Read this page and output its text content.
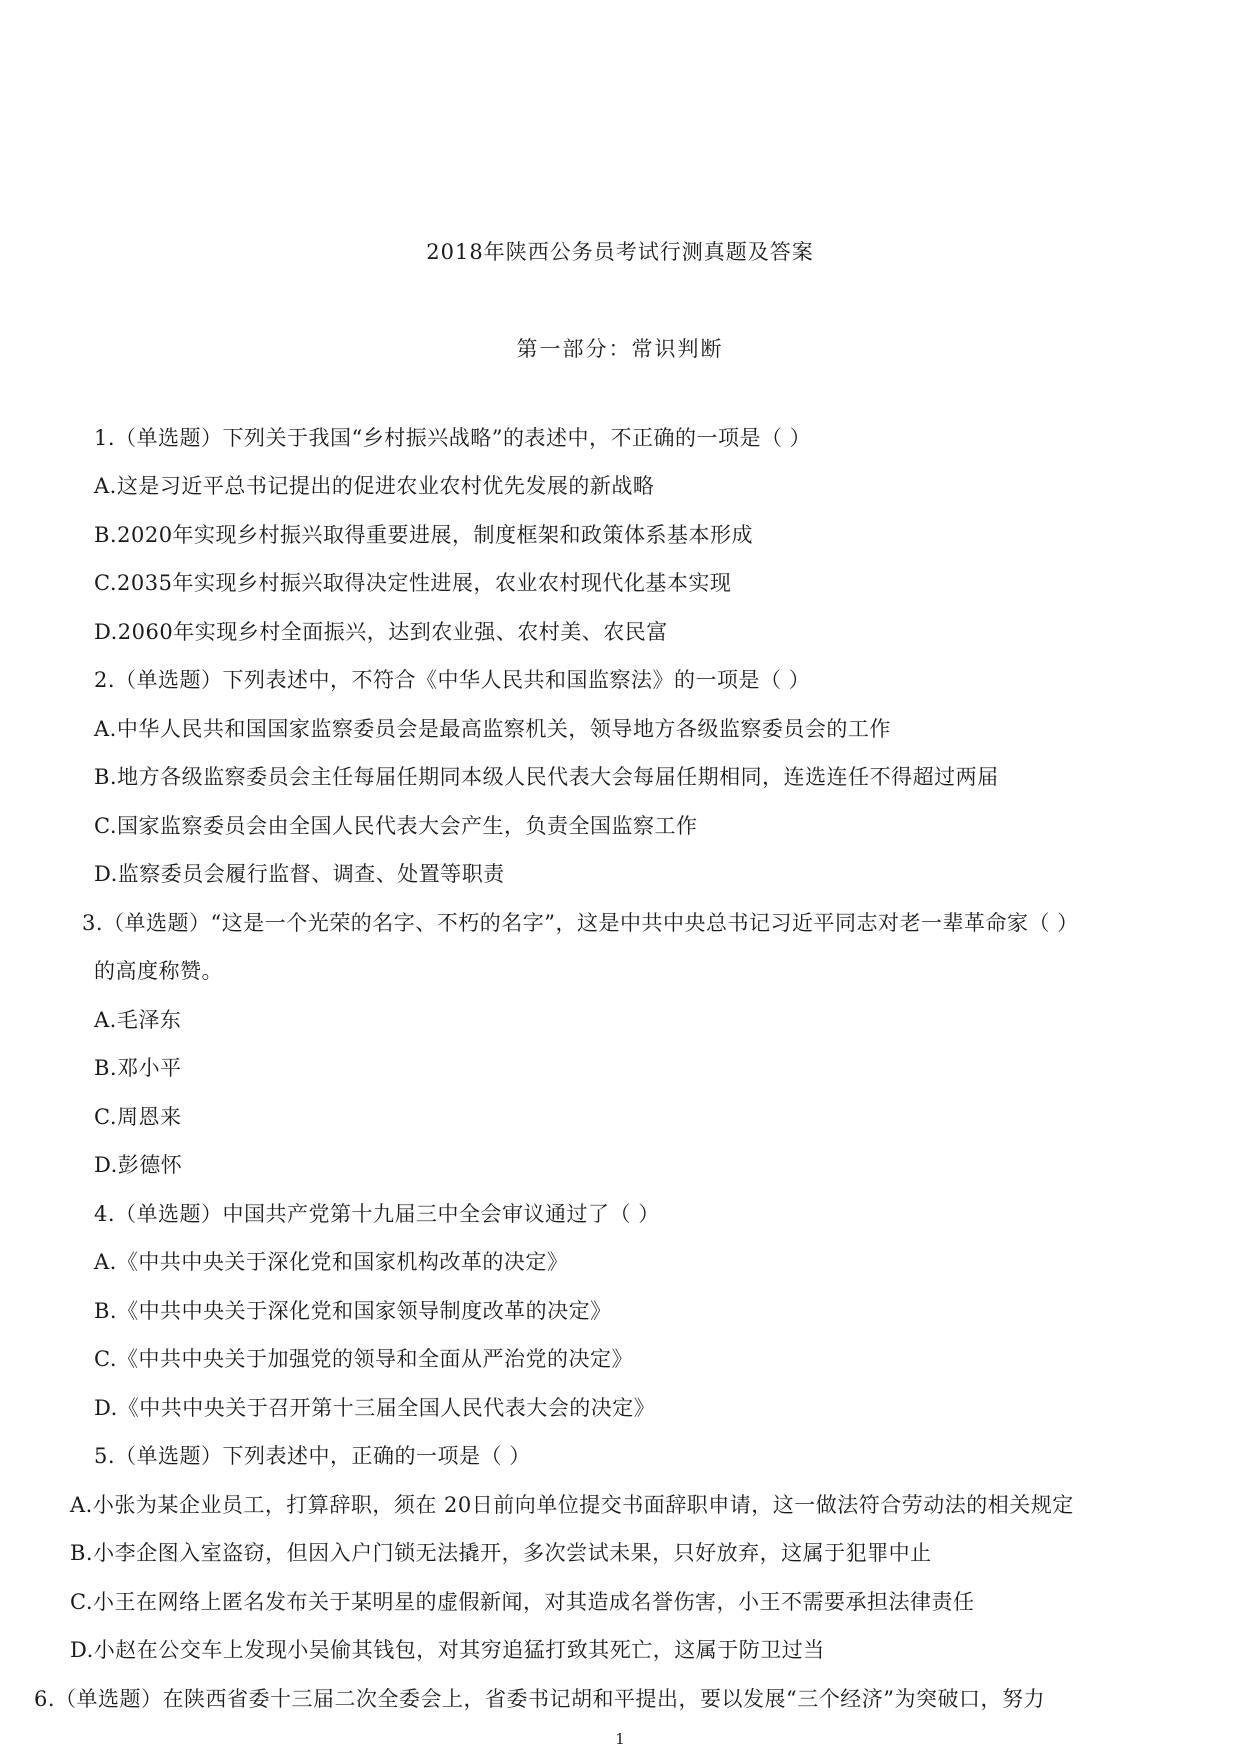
2018年陕西公务员考试行测真题及答案
第一部分：常识判断
1.（单选题）下列关于我国“乡村振兴战略”的表述中，不正确的一项是（ ）
A.这是习近平总书记提出的促进农业农村优先发展的新战略
B.2020年实现乡村振兴取得重要进展，制度框架和政策体系基本形成
C.2035年实现乡村振兴取得决定性进展，农业农村现代化基本实现
D.2060年实现乡村全面振兴，达到农业强、农村美、农民富
2.（单选题）下列表述中，不符合《中华人民共和国监察法》的一项是（ ）
A.中华人民共和国国家监察委员会是最高监察机关，领导地方各级监察委员会的工作
B.地方各级监察委员会主任每届任期同本级人民代表大会每届任期相同，连选连任不得超过两届
C.国家监察委员会由全国人民代表大会产生，负责全国监察工作
D.监察委员会履行监督、调查、处置等职责
3.（单选题）“这是一个光荣的名字、不朽的名字”，这是中共中央总书记习近平同志对老一辈革命家（ ）
的高度称赞。
A.毛泽东
B.邓小平
C.周恩来
D.彭德怀
4.（单选题）中国共产党第十九届三中全会审议通过了（ ）
A.《中共中央关于深化党和国家机构改革的决定》
B.《中共中央关于深化党和国家领导制度改革的决定》
C.《中共中央关于加强党的领导和全面从严治党的决定》
D.《中共中央关于召开第十三届全国人民代表大会的决定》
5.（单选题）下列表述中，正确的一项是（ ）
A.小张为某企业员工，打算辞职，须在 20日前向单位提交书面辞职申请，这一做法符合劳动法的相关规定
B.小李企图入室盗窃，但因入户门锁无法撬开，多次尝试未果，只好放弃，这属于犯罪中止
C.小王在网络上匿名发布关于某明星的虚假新闻，对其造成名誉伤害，小王不需要承担法律责任
D.小赵在公交车上发现小吴偷其钱包，对其穷追猛打致其死亡，这属于防卫过当
6.（单选题）在陕西省委十三届二次全委会上，省委书记胡和平提出，要以发展“三个经济”为突破口，努力
1
